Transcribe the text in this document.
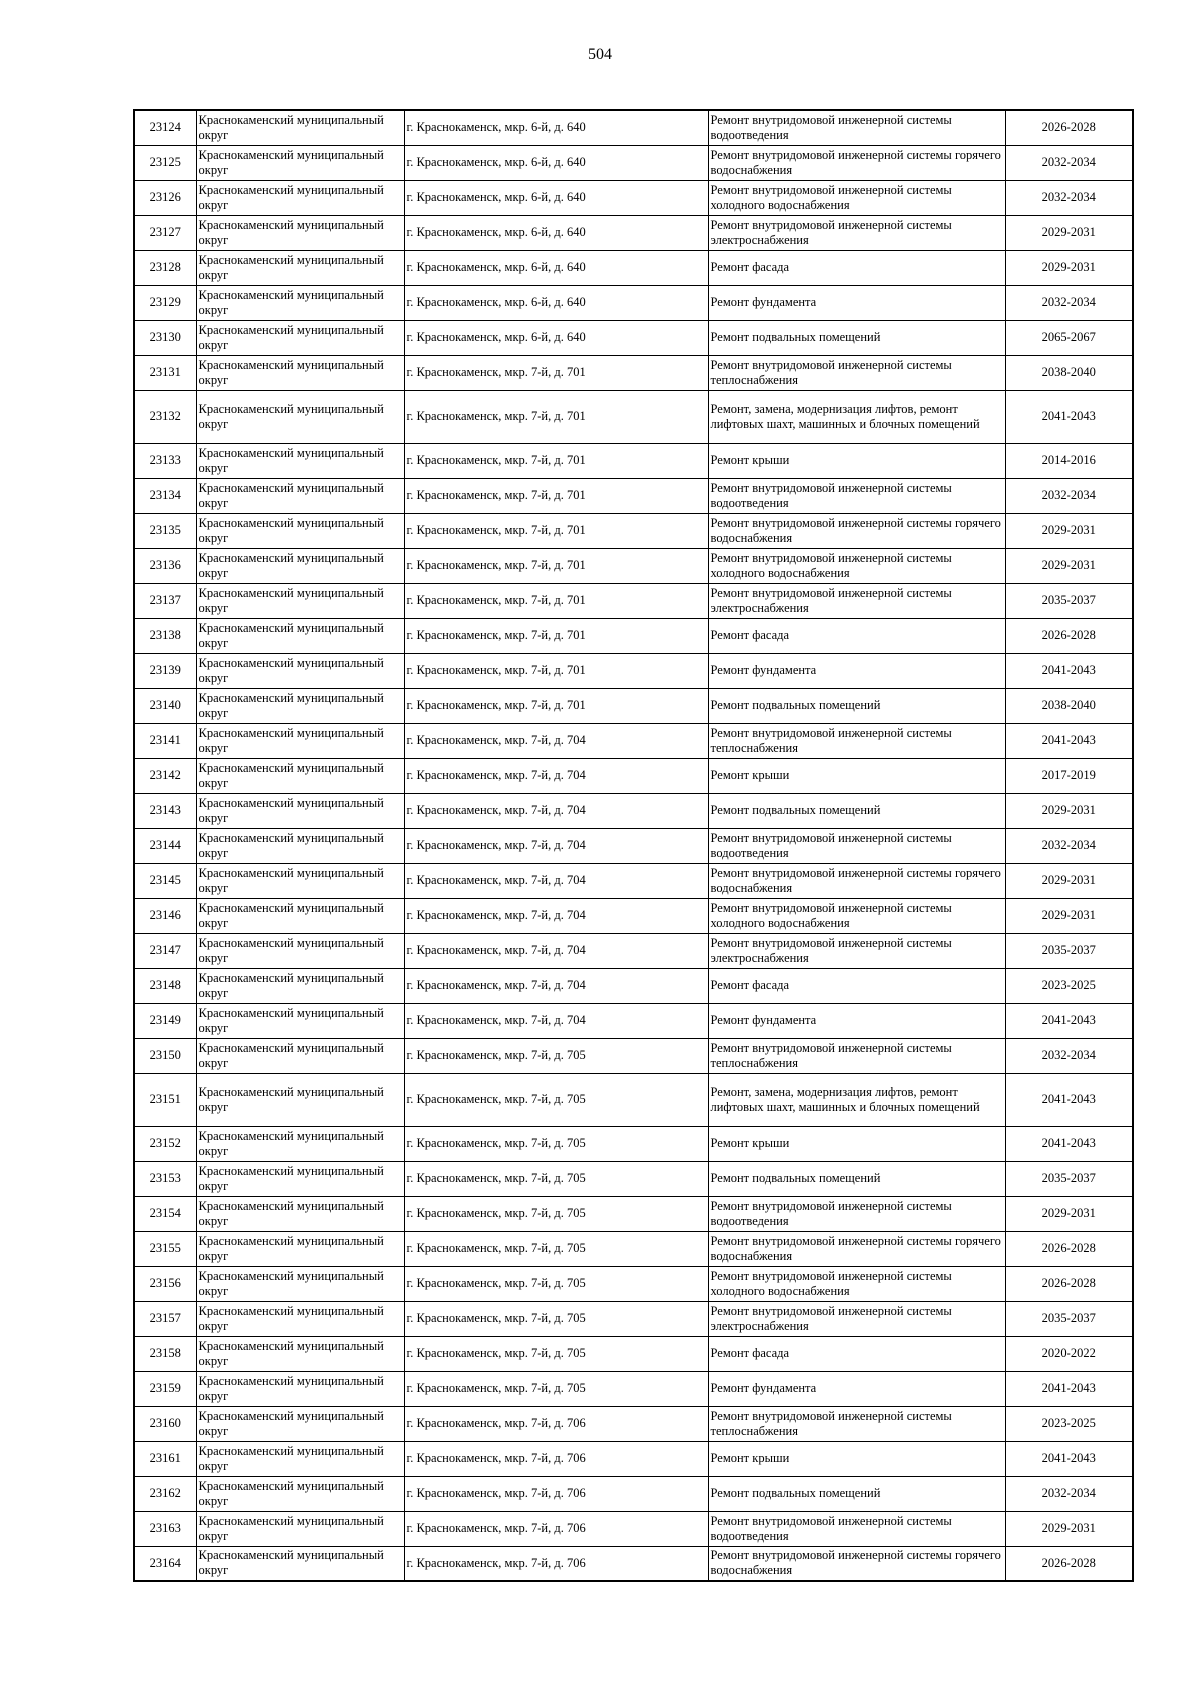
504
23124	Краснокаменский муниципальный округ	г. Краснокаменск, мкр. 6-й, д. 640	Ремонт внутридомовой инженерной системы водоотведения	2026-2028
23125	Краснокаменский муниципальный округ	г. Краснокаменск, мкр. 6-й, д. 640	Ремонт внутридомовой инженерной системы горячего водоснабжения	2032-2034
23126	Краснокаменский муниципальный округ	г. Краснокаменск, мкр. 6-й, д. 640	Ремонт внутридомовой инженерной системы холодного водоснабжения	2032-2034
23127	Краснокаменский муниципальный округ	г. Краснокаменск, мкр. 6-й, д. 640	Ремонт внутридомовой инженерной системы электроснабжения	2029-2031
23128	Краснокаменский муниципальный округ	г. Краснокаменск, мкр. 6-й, д. 640	Ремонт фасада	2029-2031
23129	Краснокаменский муниципальный округ	г. Краснокаменск, мкр. 6-й, д. 640	Ремонт фундамента	2032-2034
23130	Краснокаменский муниципальный округ	г. Краснокаменск, мкр. 6-й, д. 640	Ремонт подвальных помещений	2065-2067
23131	Краснокаменский муниципальный округ	г. Краснокаменск, мкр. 7-й, д. 701	Ремонт внутридомовой инженерной системы теплоснабжения	2038-2040
23132	Краснокаменский муниципальный округ	г. Краснокаменск, мкр. 7-й, д. 701	Ремонт, замена, модернизация лифтов, ремонт лифтовых шахт, машинных и блочных помещений	2041-2043
23133	Краснокаменский муниципальный округ	г. Краснокаменск, мкр. 7-й, д. 701	Ремонт крыши	2014-2016
23134	Краснокаменский муниципальный округ	г. Краснокаменск, мкр. 7-й, д. 701	Ремонт внутридомовой инженерной системы водоотведения	2032-2034
23135	Краснокаменский муниципальный округ	г. Краснокаменск, мкр. 7-й, д. 701	Ремонт внутридомовой инженерной системы горячего водоснабжения	2029-2031
23136	Краснокаменский муниципальный округ	г. Краснокаменск, мкр. 7-й, д. 701	Ремонт внутридомовой инженерной системы холодного водоснабжения	2029-2031
23137	Краснокаменский муниципальный округ	г. Краснокаменск, мкр. 7-й, д. 701	Ремонт внутридомовой инженерной системы электроснабжения	2035-2037
23138	Краснокаменский муниципальный округ	г. Краснокаменск, мкр. 7-й, д. 701	Ремонт фасада	2026-2028
23139	Краснокаменский муниципальный округ	г. Краснокаменск, мкр. 7-й, д. 701	Ремонт фундамента	2041-2043
23140	Краснокаменский муниципальный округ	г. Краснокаменск, мкр. 7-й, д. 701	Ремонт подвальных помещений	2038-2040
23141	Краснокаменский муниципальный округ	г. Краснокаменск, мкр. 7-й, д. 704	Ремонт внутридомовой инженерной системы теплоснабжения	2041-2043
23142	Краснокаменский муниципальный округ	г. Краснокаменск, мкр. 7-й, д. 704	Ремонт крыши	2017-2019
23143	Краснокаменский муниципальный округ	г. Краснокаменск, мкр. 7-й, д. 704	Ремонт подвальных помещений	2029-2031
23144	Краснокаменский муниципальный округ	г. Краснокаменск, мкр. 7-й, д. 704	Ремонт внутридомовой инженерной системы водоотведения	2032-2034
23145	Краснокаменский муниципальный округ	г. Краснокаменск, мкр. 7-й, д. 704	Ремонт внутридомовой инженерной системы горячего водоснабжения	2029-2031
23146	Краснокаменский муниципальный округ	г. Краснокаменск, мкр. 7-й, д. 704	Ремонт внутридомовой инженерной системы холодного водоснабжения	2029-2031
23147	Краснокаменский муниципальный округ	г. Краснокаменск, мкр. 7-й, д. 704	Ремонт внутридомовой инженерной системы электроснабжения	2035-2037
23148	Краснокаменский муниципальный округ	г. Краснокаменск, мкр. 7-й, д. 704	Ремонт фасада	2023-2025
23149	Краснокаменский муниципальный округ	г. Краснокаменск, мкр. 7-й, д. 704	Ремонт фундамента	2041-2043
23150	Краснокаменский муниципальный округ	г. Краснокаменск, мкр. 7-й, д. 705	Ремонт внутридомовой инженерной системы теплоснабжения	2032-2034
23151	Краснокаменский муниципальный округ	г. Краснокаменск, мкр. 7-й, д. 705	Ремонт, замена, модернизация лифтов, ремонт лифтовых шахт, машинных и блочных помещений	2041-2043
23152	Краснокаменский муниципальный округ	г. Краснокаменск, мкр. 7-й, д. 705	Ремонт крыши	2041-2043
23153	Краснокаменский муниципальный округ	г. Краснокаменск, мкр. 7-й, д. 705	Ремонт подвальных помещений	2035-2037
23154	Краснокаменский муниципальный округ	г. Краснокаменск, мкр. 7-й, д. 705	Ремонт внутридомовой инженерной системы водоотведения	2029-2031
23155	Краснокаменский муниципальный округ	г. Краснокаменск, мкр. 7-й, д. 705	Ремонт внутридомовой инженерной системы горячего водоснабжения	2026-2028
23156	Краснокаменский муниципальный округ	г. Краснокаменск, мкр. 7-й, д. 705	Ремонт внутридомовой инженерной системы холодного водоснабжения	2026-2028
23157	Краснокаменский муниципальный округ	г. Краснокаменск, мкр. 7-й, д. 705	Ремонт внутридомовой инженерной системы электроснабжения	2035-2037
23158	Краснокаменский муниципальный округ	г. Краснокаменск, мкр. 7-й, д. 705	Ремонт фасада	2020-2022
23159	Краснокаменский муниципальный округ	г. Краснокаменск, мкр. 7-й, д. 705	Ремонт фундамента	2041-2043
23160	Краснокаменский муниципальный округ	г. Краснокаменск, мкр. 7-й, д. 706	Ремонт внутридомовой инженерной системы теплоснабжения	2023-2025
23161	Краснокаменский муниципальный округ	г. Краснокаменск, мкр. 7-й, д. 706	Ремонт крыши	2041-2043
23162	Краснокаменский муниципальный округ	г. Краснокаменск, мкр. 7-й, д. 706	Ремонт подвальных помещений	2032-2034
23163	Краснокаменский муниципальный округ	г. Краснокаменск, мкр. 7-й, д. 706	Ремонт внутридомовой инженерной системы водоотведения	2029-2031
23164	Краснокаменский муниципальный округ	г. Краснокаменск, мкр. 7-й, д. 706	Ремонт внутридомовой инженерной системы горячего водоснабжения	2026-2028
